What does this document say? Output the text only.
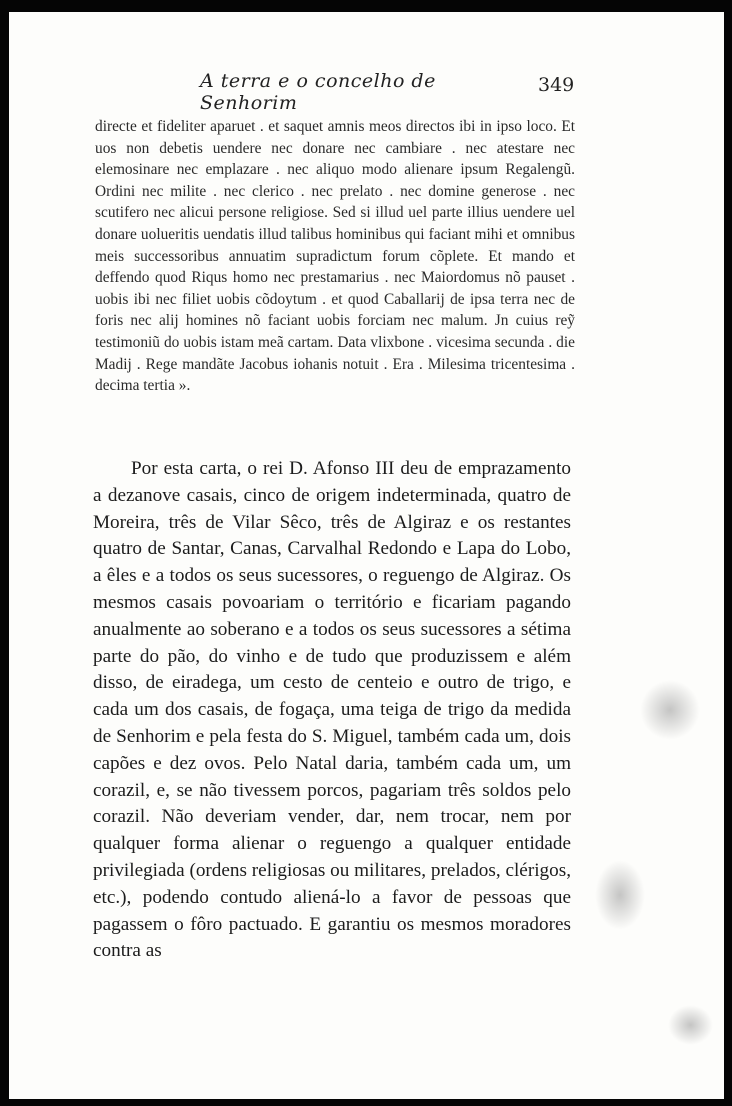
A terra e o concelho de Senhorim
349

directe et fideliter aparuet . et saquet amnis meos directos ibi in ipso loco. Et uos non debetis uendere nec donare nec cambiare . nec atestare nec elemosinare nec emplazare . nec aliquo modo alienare ipsum Regalengũ. Ordini nec milite . nec clerico . nec prelato . nec domine generose . nec scutifero nec alicui persone religiose. Sed si illud uel parte illius uendere uel donare uolueritis uendatis illud talibus hominibus qui faciant mihi et omnibus meis successoribus annuatim supradictum forum cõplete. Et mando et deffendo quod Riqus homo nec prestamarius . nec Maiordomus nõ pauset . uobis ibi nec filiet uobis cõdoytum . et quod Caballarij de ipsa terra nec de foris nec alij homines nõ faciant uobis forciam nec malum. Jn cuius reỹ testimoniũ do uobis istam meã cartam. Data vlixbone . vicesima secunda . die Madij . Rege mandãte Jacobus iohanis notuit . Era . Milesima tricentesima . decima tertia ».

Por esta carta, o rei D. Afonso III deu de emprazamento a dezanove casais, cinco de origem indeterminada, quatro de Moreira, três de Vilar Sêco, três de Algiraz e os restantes quatro de Santar, Canas, Carvalhal Redondo e Lapa do Lobo, a êles e a todos os seus sucessores, o reguengo de Algiraz. Os mesmos casais povoariam o território e ficariam pagando anualmente ao soberano e a todos os seus sucessores a sétima parte do pão, do vinho e de tudo que produzissem e além disso, de eiradega, um cesto de centeio e outro de trigo, e cada um dos casais, de fogaça, uma teiga de trigo da medida de Senhorim e pela festa do S. Miguel, também cada um, dois capões e dez ovos. Pelo Natal daria, também cada um, um corazil, e, se não tivessem porcos, pagariam três soldos pelo corazil. Não deveriam vender, dar, nem trocar, nem por qualquer forma alienar o reguengo a qualquer entidade privilegiada (ordens religiosas ou militares, prelados, clérigos, etc.), podendo contudo aliená-lo a favor de pessoas que pagassem o fôro pactuado. E garantiu os mesmos moradores contra as
